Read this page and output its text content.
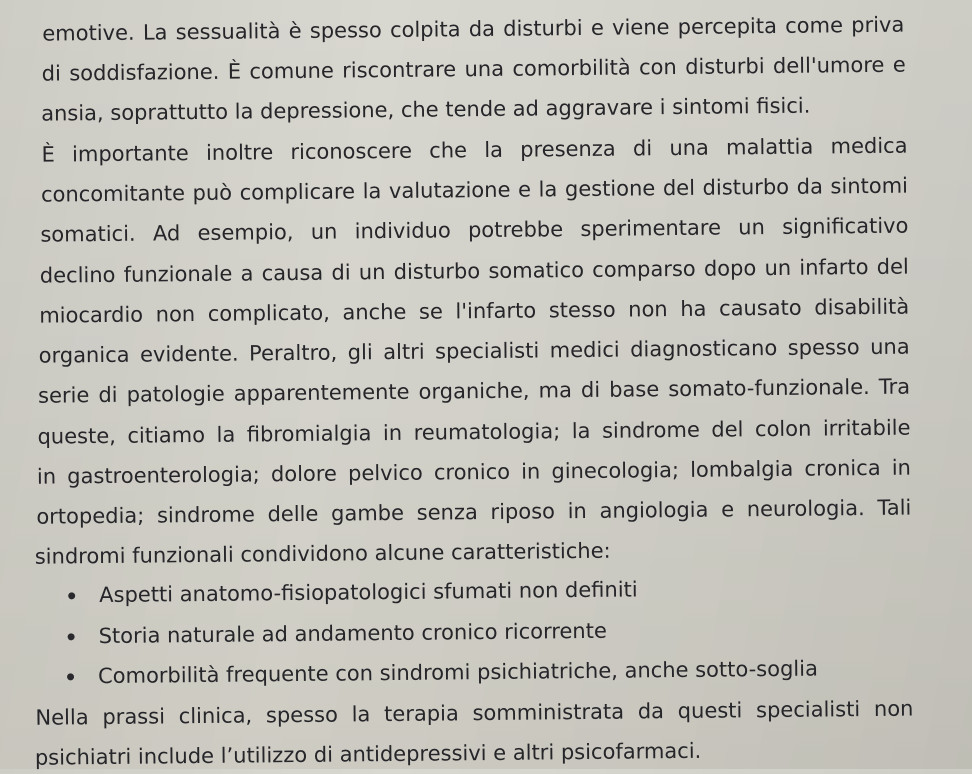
emotive. La sessualità è spesso colpita da disturbi e viene percepita come priva
di soddisfazione. È comune riscontrare una comorbilità con disturbi dell'umore e
ansia, soprattutto la depressione, che tende ad aggravare i sintomi fisici.
È importante inoltre riconoscere che la presenza di una malattia medica
concomitante può complicare la valutazione e la gestione del disturbo da sintomi
somatici. Ad esempio, un individuo potrebbe sperimentare un significativo
declino funzionale a causa di un disturbo somatico comparso dopo un infarto del
miocardio non complicato, anche se l'infarto stesso non ha causato disabilità
organica evidente. Peraltro, gli altri specialisti medici diagnosticano spesso una
serie di patologie apparentemente organiche, ma di base somato-funzionale. Tra
queste, citiamo la fibromialgia in reumatologia; la sindrome del colon irritabile
in gastroenterologia; dolore pelvico cronico in ginecologia; lombalgia cronica in
ortopedia; sindrome delle gambe senza riposo in angiologia e neurologia. Tali
sindromi funzionali condividono alcune caratteristiche:
Aspetti anatomo-fisiopatologici sfumati non definiti
Storia naturale ad andamento cronico ricorrente
Comorbilità frequente con sindromi psichiatriche, anche sotto-soglia
Nella prassi clinica, spesso la terapia somministrata da questi specialisti non
psichiatri include l’utilizzo di antidepressivi e altri psicofarmaci.
